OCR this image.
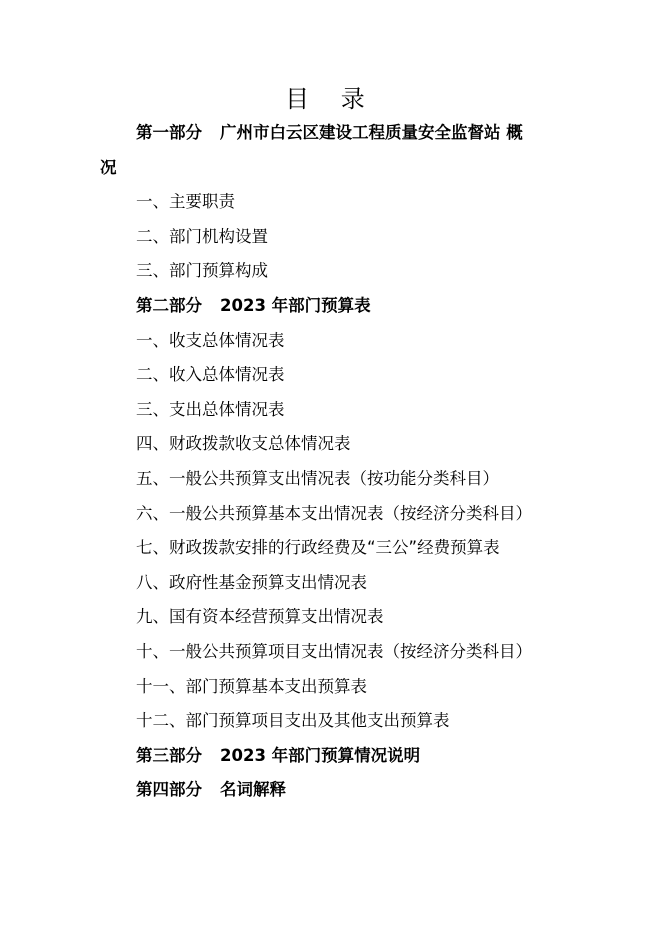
目 录
第一部分 广州市白云区建设工程质量安全监督站 概
况
一、主要职责
二、部门机构设置
三、部门预算构成
第二部分 2023 年部门预算表
一、收支总体情况表
二、收入总体情况表
三、支出总体情况表
四、财政拨款收支总体情况表
五、一般公共预算支出情况表（按功能分类科目）
六、一般公共预算基本支出情况表（按经济分类科目）
七、财政拨款安排的行政经费及“三公”经费预算表
八、政府性基金预算支出情况表
九、国有资本经营预算支出情况表
十、一般公共预算项目支出情况表（按经济分类科目）
十一、部门预算基本支出预算表
十二、部门预算项目支出及其他支出预算表
第三部分 2023 年部门预算情况说明
第四部分 名词解释
